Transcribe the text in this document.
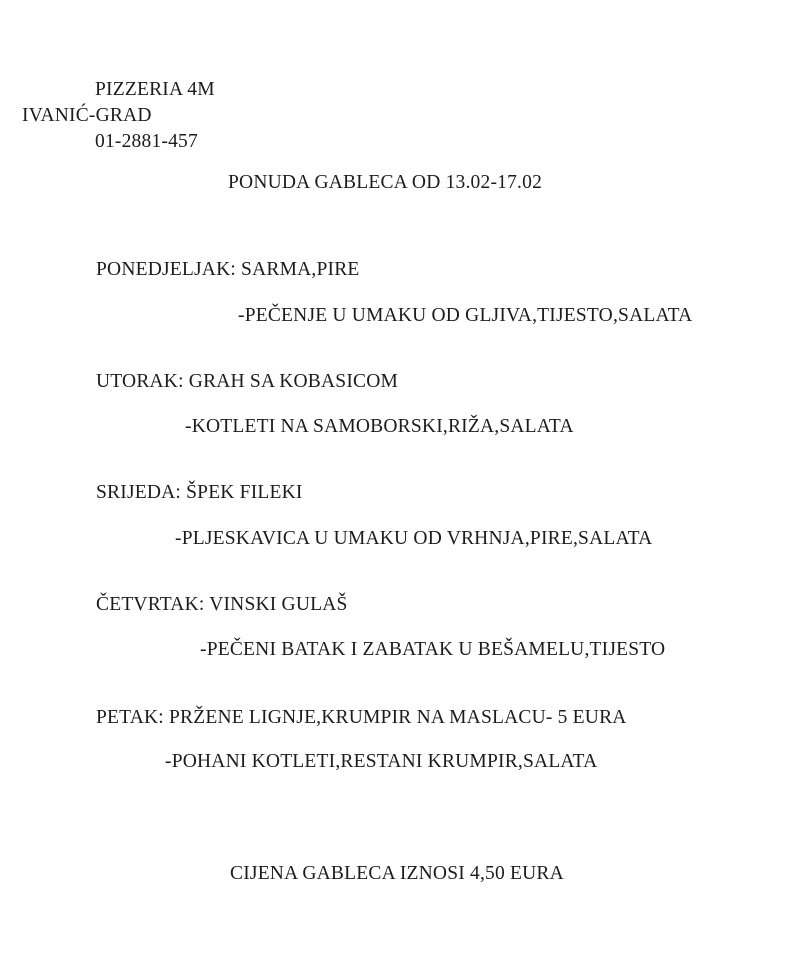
PIZZERIA 4M
IVANIĆ-GRAD
01-2881-457
PONUDA GABLECA OD 13.02-17.02
PONEDJELJAK: SARMA,PIRE
-PEČENJE U UMAKU OD GLJIVA,TIJESTO,SALATA
UTORAK: GRAH SA KOBASICOM
-KOTLETI NA SAMOBORSKI,RIŽA,SALATA
SRIJEDA: ŠPEK FILEKI
-PLJESKAVICA U UMAKU OD VRHNJA,PIRE,SALATA
ČETVRTAK: VINSKI GULAŠ
-PEČENI BATAK I ZABATAK U BEŠAMELU,TIJESTO
PETAK: PRŽENE LIGNJE,KRUMPIR NA MASLACU- 5 EURA
-POHANI KOTLETI,RESTANI KRUMPIR,SALATA
CIJENA GABLECA IZNOSI 4,50 EURA
